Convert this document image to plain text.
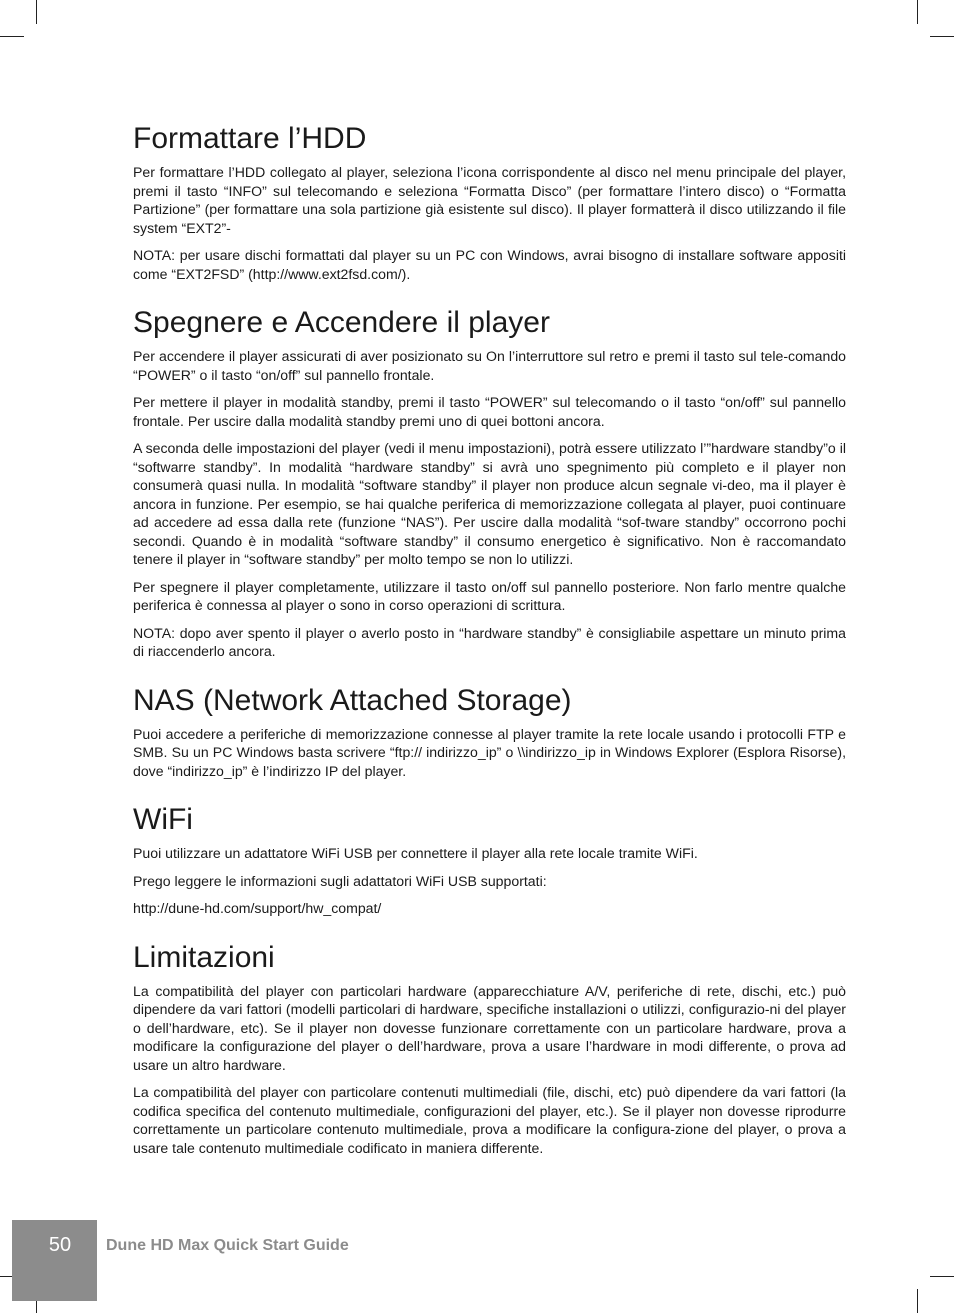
Formattare l’HDD

Per formattare l’HDD collegato al player, seleziona l’icona corrispondente al disco nel menu principale del player, premi il tasto “INFO” sul telecomando e seleziona “Formatta Disco” (per formattare l’intero disco) o “Formatta Partizione” (per formattare una sola partizione già esistente sul disco). Il player formatterà il disco utilizzando il file system “EXT2”-

NOTA: per usare dischi formattati dal player su un PC con Windows, avrai bisogno di installare software appositi come “EXT2FSD” (http://www.ext2fsd.com/).

Spegnere e Accendere il player

Per accendere il player assicurati di aver posizionato su On l’interruttore sul retro e premi il tasto sul tele-comando “POWER” o il tasto “on/off” sul pannello frontale.

Per mettere il player in modalità standby, premi il tasto “POWER” sul telecomando o il tasto “on/off” sul pannello frontale. Per uscire dalla modalità standby premi uno di quei bottoni ancora.

A seconda delle impostazioni del player (vedi il menu impostazioni), potrà essere utilizzato l’”hardware standby”o il “softwarre standby”. In modalità “hardware standby” si avrà uno spegnimento più completo e il player non consumerà quasi nulla. In modalità “software standby” il player non produce alcun segnale vi-deo, ma il player è ancora in funzione. Per esempio, se hai qualche periferica di memorizzazione collegata al player, puoi continuare ad accedere ad essa dalla rete (funzione “NAS”). Per uscire dalla modalità “sof-tware standby” occorrono pochi secondi. Quando è in modalità “software standby” il consumo energetico è significativo. Non è raccomandato tenere il player in “software standby” per molto tempo se non lo utilizzi.

Per spegnere il player completamente, utilizzare il tasto on/off sul pannello posteriore. Non farlo mentre qualche periferica è connessa al player o sono in corso operazioni di scrittura.

NOTA: dopo aver spento il player o averlo posto in “hardware standby” è consigliabile aspettare un minuto prima di riaccenderlo ancora.

NAS (Network Attached Storage)

Puoi accedere a periferiche di memorizzazione connesse al player tramite la rete locale usando i protocolli FTP e SMB. Su un PC Windows basta scrivere “ftp:// indirizzo_ip” o \\indirizzo_ip in Windows Explorer (Esplora Risorse), dove “indirizzo_ip” è l’indirizzo IP del player.

WiFi

Puoi utilizzare un adattatore WiFi USB per connettere il player alla rete locale tramite WiFi.

Prego leggere le informazioni sugli adattatori WiFi USB supportati:

http://dune-hd.com/support/hw_compat/

Limitazioni

La compatibilità del player con particolari hardware (apparecchiature A/V, periferiche di rete, dischi, etc.) può dipendere da vari fattori (modelli particolari di hardware, specifiche installazioni o utilizzi, configurazio-ni del player o dell’hardware, etc). Se il player non dovesse funzionare correttamente con un particolare hardware, prova a modificare la configurazione del player o dell’hardware, prova a usare l’hardware in modi differente, o prova ad usare un altro hardware.

La compatibilità del player con particolare contenuti multimediali (file, dischi, etc) può dipendere da vari fattori (la codifica specifica del contenuto multimediale, configurazioni del player, etc.). Se il player non dovesse riprodurre correttamente un particolare contenuto multimediale, prova a modificare la configura-zione del player, o prova a usare tale contenuto multimediale codificato in maniera differente.

50	Dune HD Max Quick Start Guide
